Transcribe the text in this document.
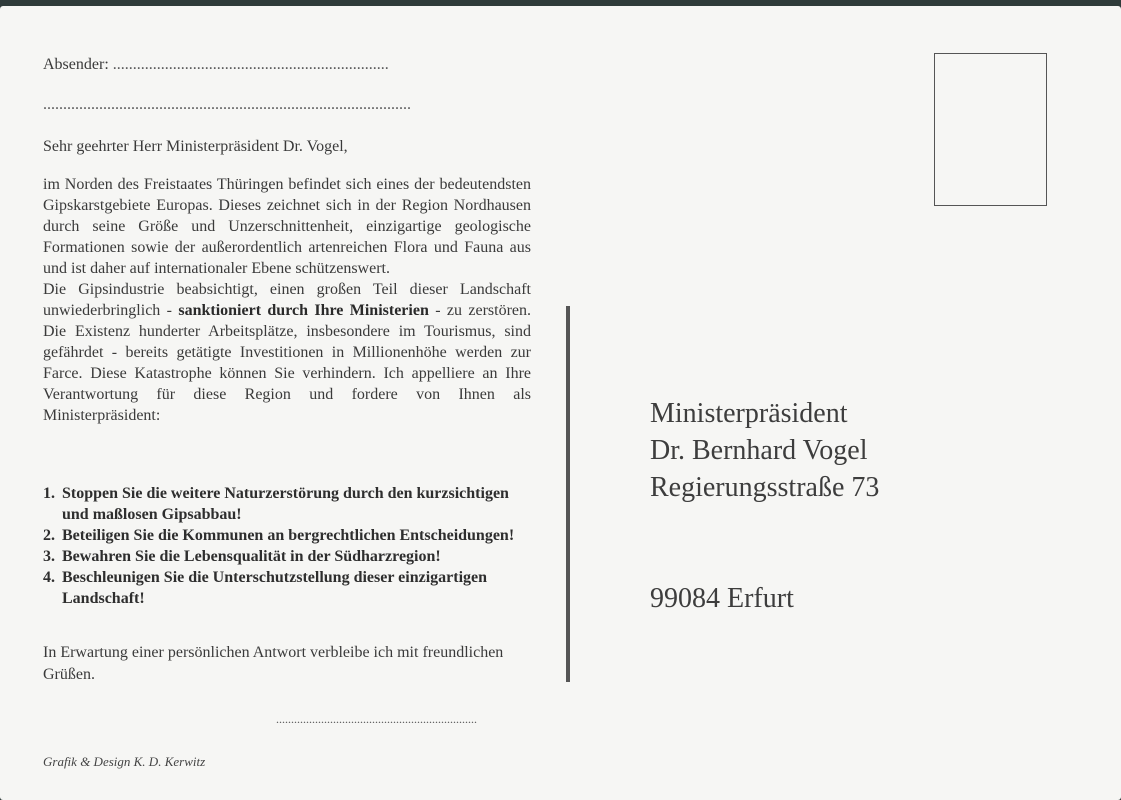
Absender: .....................................................................
............................................................................................
Sehr geehrter Herr Ministerpräsident Dr. Vogel,

im Norden des Freistaates Thüringen befindet sich eines der bedeutendsten Gipskarstgebiete Europas. Dieses zeichnet sich in der Region Nordhausen durch seine Größe und Unzerschnittenheit, einzigartige geologische Formationen sowie der außerordentlich artenreichen Flora und Fauna aus und ist daher auf internationaler Ebene schützenswert.

Die Gipsindustrie beabsichtigt, einen großen Teil dieser Landschaft unwiederbringlich - sanktioniert durch Ihre Ministerien - zu zerstören. Die Existenz hunderter Arbeitsplätze, insbesondere im Tourismus, sind gefährdet - bereits getätigte Investitionen in Millionenhöhe werden zur Farce. Diese Katastrophe können Sie verhindern. Ich appelliere an Ihre Verantwortung für diese Region und fordere von Ihnen als Ministerpräsident:

1. Stoppen Sie die weitere Naturzerstörung durch den kurzsichtigen und maßlosen Gipsabbau!
2. Beteiligen Sie die Kommunen an bergrechtlichen Entscheidungen!
3. Bewahren Sie die Lebensqualität in der Südharzregion!
4. Beschleunigen Sie die Unterschutzstellung dieser einzigartigen Landschaft!
In Erwartung einer persönlichen Antwort verbleibe ich mit freundlichen Grüßen.
...................................................................
Grafik & Design K. D. Kerwitz
Ministerpräsident
Dr. Bernhard Vogel
Regierungsstraße 73
99084 Erfurt
